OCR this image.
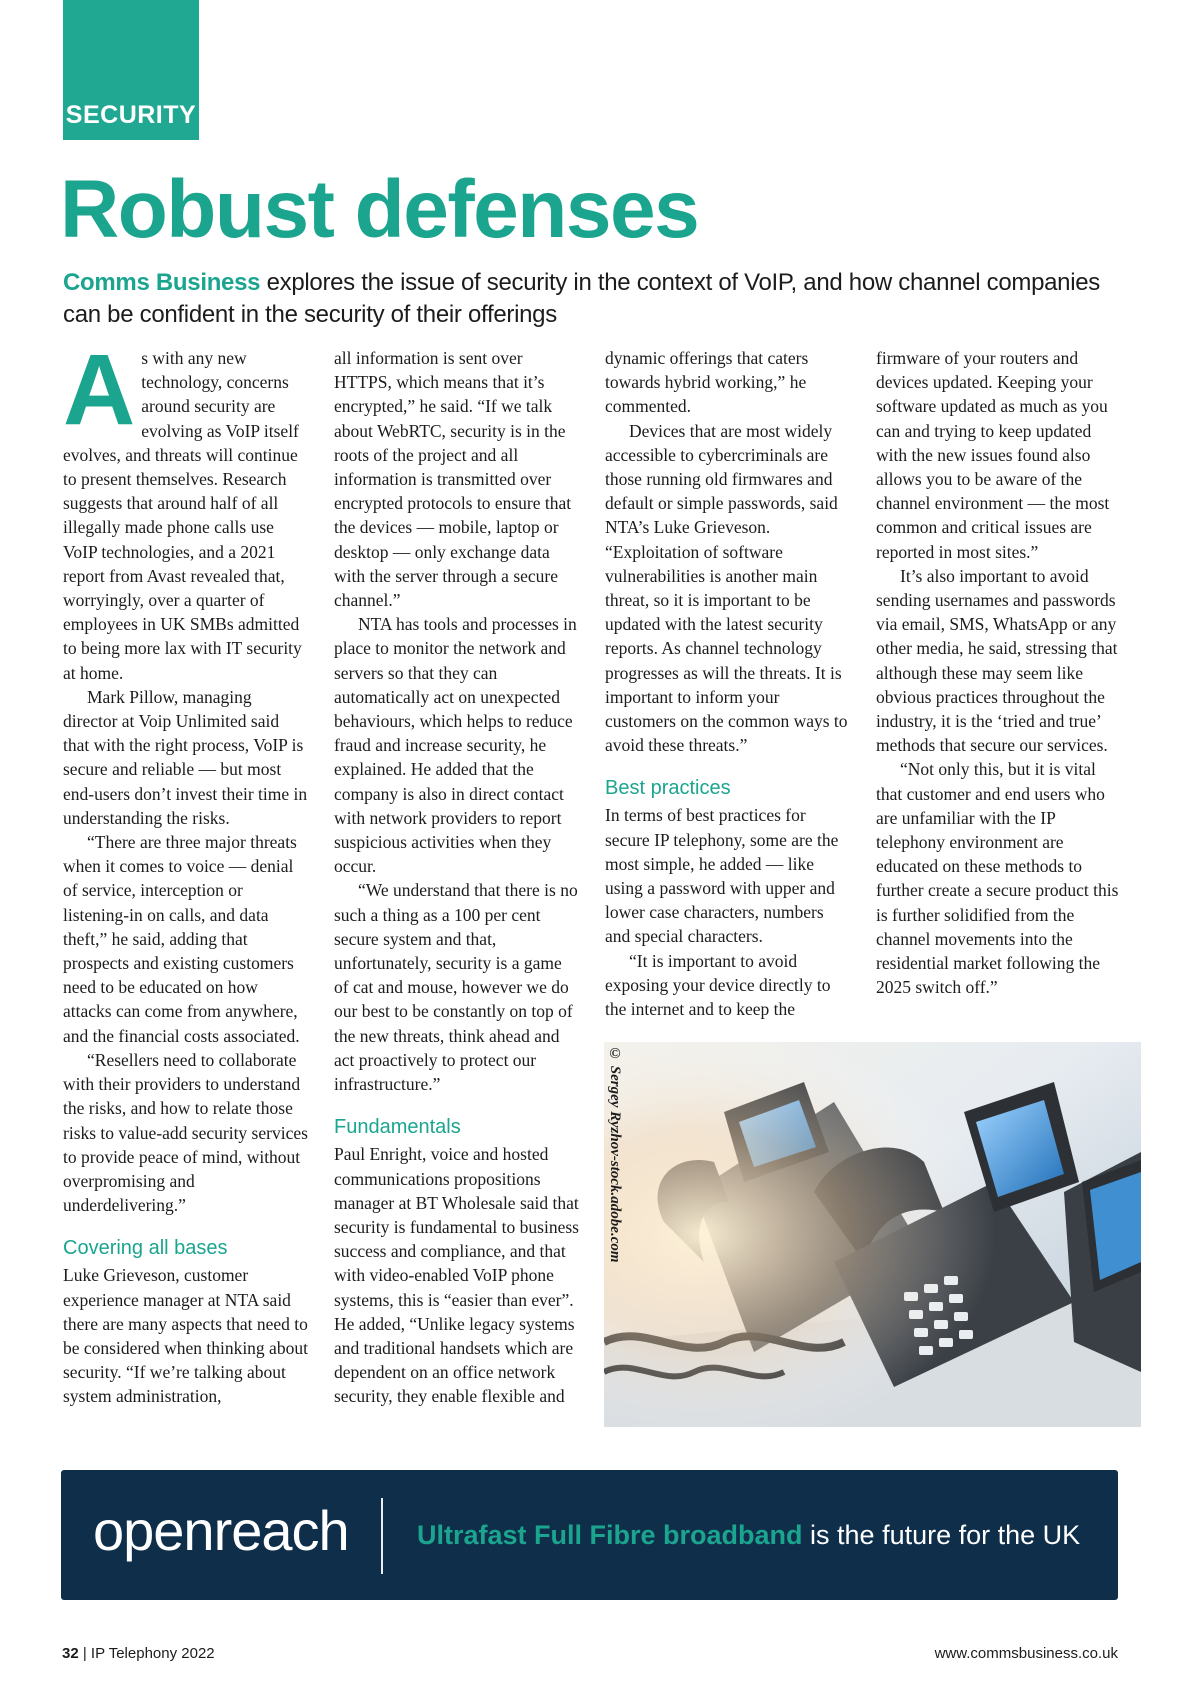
SECURITY
Robust defenses
Comms Business explores the issue of security in the context of VoIP, and how channel companies can be confident in the security of their offerings
A s with any new technology, concerns around security are evolving as VoIP itself evolves, and threats will continue to present themselves. Research suggests that around half of all illegally made phone calls use VoIP technologies, and a 2021 report from Avast revealed that, worryingly, over a quarter of employees in UK SMBs admitted to being more lax with IT security at home.

Mark Pillow, managing director at Voip Unlimited said that with the right process, VoIP is secure and reliable — but most end-users don’t invest their time in understanding the risks.

“There are three major threats when it comes to voice — denial of service, interception or listening-in on calls, and data theft,” he said, adding that prospects and existing customers need to be educated on how attacks can come from anywhere, and the financial costs associated.

“Resellers need to collaborate with their providers to understand the risks, and how to relate those risks to value-add security services to provide peace of mind, without overpromising and underdelivering.”

Covering all bases

Luke Grieveson, customer experience manager at NTA said there are many aspects that need to be considered when thinking about security. “If we’re talking about system administration,

all information is sent over HTTPS, which means that it’s encrypted,” he said. “If we talk about WebRTC, security is in the roots of the project and all information is transmitted over encrypted protocols to ensure that the devices — mobile, laptop or desktop — only exchange data with the server through a secure channel.”

NTA has tools and processes in place to monitor the network and servers so that they can automatically act on unexpected behaviours, which helps to reduce fraud and increase security, he explained. He added that the company is also in direct contact with network providers to report suspicious activities when they occur.

“We understand that there is no such a thing as a 100 per cent secure system and that, unfortunately, security is a game of cat and mouse, however we do our best to be constantly on top of the new threats, think ahead and act proactively to protect our infrastructure.”

Fundamentals

Paul Enright, voice and hosted communications propositions manager at BT Wholesale said that security is fundamental to business success and compliance, and that with video-enabled VoIP phone systems, this is “easier than ever”. He added, “Unlike legacy systems and traditional handsets which are dependent on an office network security, they enable flexible and

dynamic offerings that caters towards hybrid working,” he commented.

Devices that are most widely accessible to cybercriminals are those running old firmwares and default or simple passwords, said NTA’s Luke Grieveson. “Exploitation of software vulnerabilities is another main threat, so it is important to be updated with the latest security reports. As channel technology progresses as will the threats. It is important to inform your customers on the common ways to avoid these threats.”

Best practices

In terms of best practices for secure IP telephony, some are the most simple, he added — like using a password with upper and lower case characters, numbers and special characters.

“It is important to avoid exposing your device directly to the internet and to keep the

firmware of your routers and devices updated. Keeping your software updated as much as you can and trying to keep updated with the new issues found also allows you to be aware of the channel environment — the most common and critical issues are reported in most sites.”

It’s also important to avoid sending usernames and passwords via email, SMS, WhatsApp or any other media, he said, stressing that although these may seem like obvious practices throughout the industry, it is the ‘tried and true’ methods that secure our services.

“Not only this, but it is vital that customer and end users who are unfamiliar with the IP telephony environment are educated on these methods to further create a secure product this is further solidified from the channel movements into the residential market following the 2025 switch off.”

© Sergey Ryzhov-stock.adobe.com
openreach	Ultrafast Full Fibre broadband is the future for the UK
32 | IP Telephony 2022	www.commsbusiness.co.uk
